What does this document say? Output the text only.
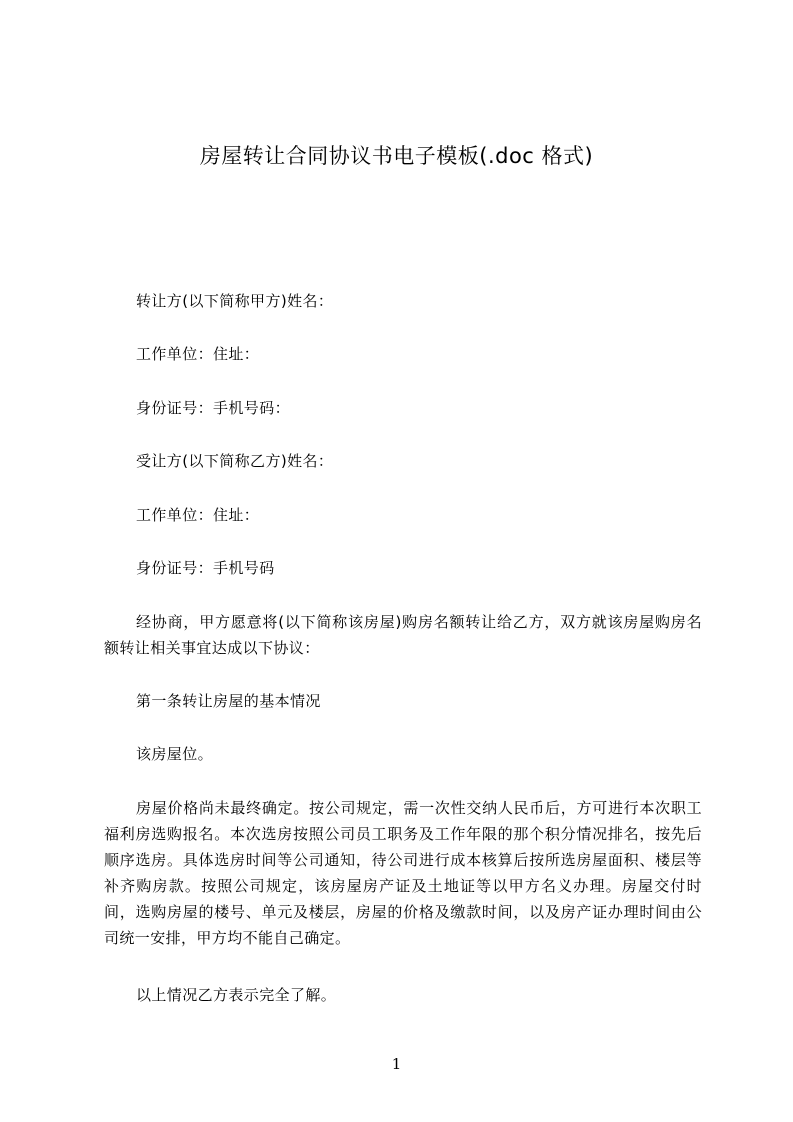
房屋转让合同协议书电子模板(.doc 格式)
转让方(以下简称甲方)姓名：
工作单位：住址：
身份证号：手机号码：
受让方(以下简称乙方)姓名：
工作单位：住址：
身份证号：手机号码
经协商，甲方愿意将(以下简称该房屋)购房名额转让给乙方，双方就该房屋购房名额转让相关事宜达成以下协议：
第一条转让房屋的基本情况
该房屋位。
房屋价格尚未最终确定。按公司规定，需一次性交纳人民币后，方可进行本次职工福利房选购报名。本次选房按照公司员工职务及工作年限的那个积分情况排名，按先后顺序选房。具体选房时间等公司通知，待公司进行成本核算后按所选房屋面积、楼层等补齐购房款。按照公司规定，该房屋房产证及土地证等以甲方名义办理。房屋交付时间，选购房屋的楼号、单元及楼层，房屋的价格及缴款时间，以及房产证办理时间由公司统一安排，甲方均不能自己确定。
以上情况乙方表示完全了解。
1
